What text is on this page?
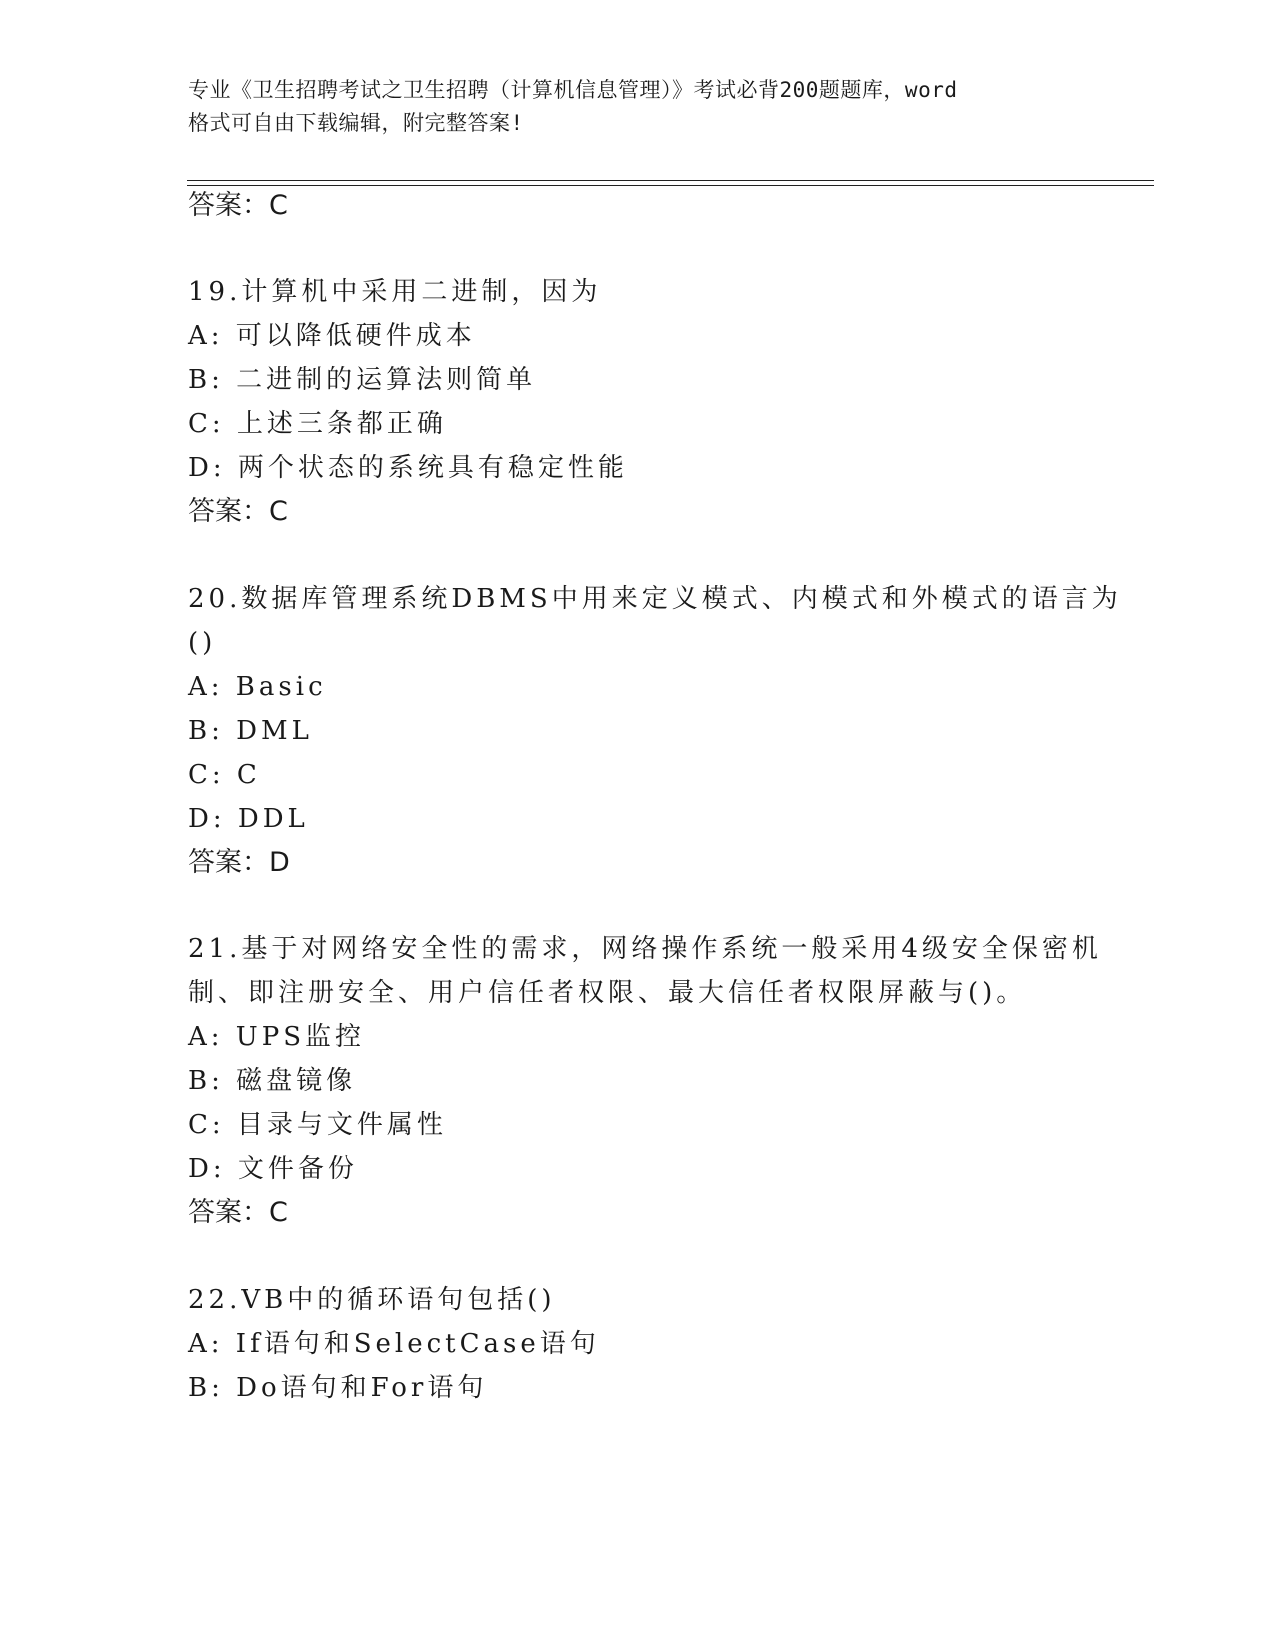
专业《卫生招聘考试之卫生招聘（计算机信息管理）》考试必背200题题库，word
格式可自由下载编辑，附完整答案!
答案：C
19.计算机中采用二进制，因为
A: 可以降低硬件成本
B: 二进制的运算法则简单
C: 上述三条都正确
D: 两个状态的系统具有稳定性能
答案：C
20.数据库管理系统DBMS中用来定义模式、内模式和外模式的语言为
()
A: Basic
B: DML
C: C
D: DDL
答案：D
21.基于对网络安全性的需求，网络操作系统一般采用4级安全保密机
制、即注册安全、用户信任者权限、最大信任者权限屏蔽与()。
A: UPS监控
B: 磁盘镜像
C: 目录与文件属性
D: 文件备份
答案：C
22.VB中的循环语句包括()
A: If语句和SelectCase语句
B: Do语句和For语句
